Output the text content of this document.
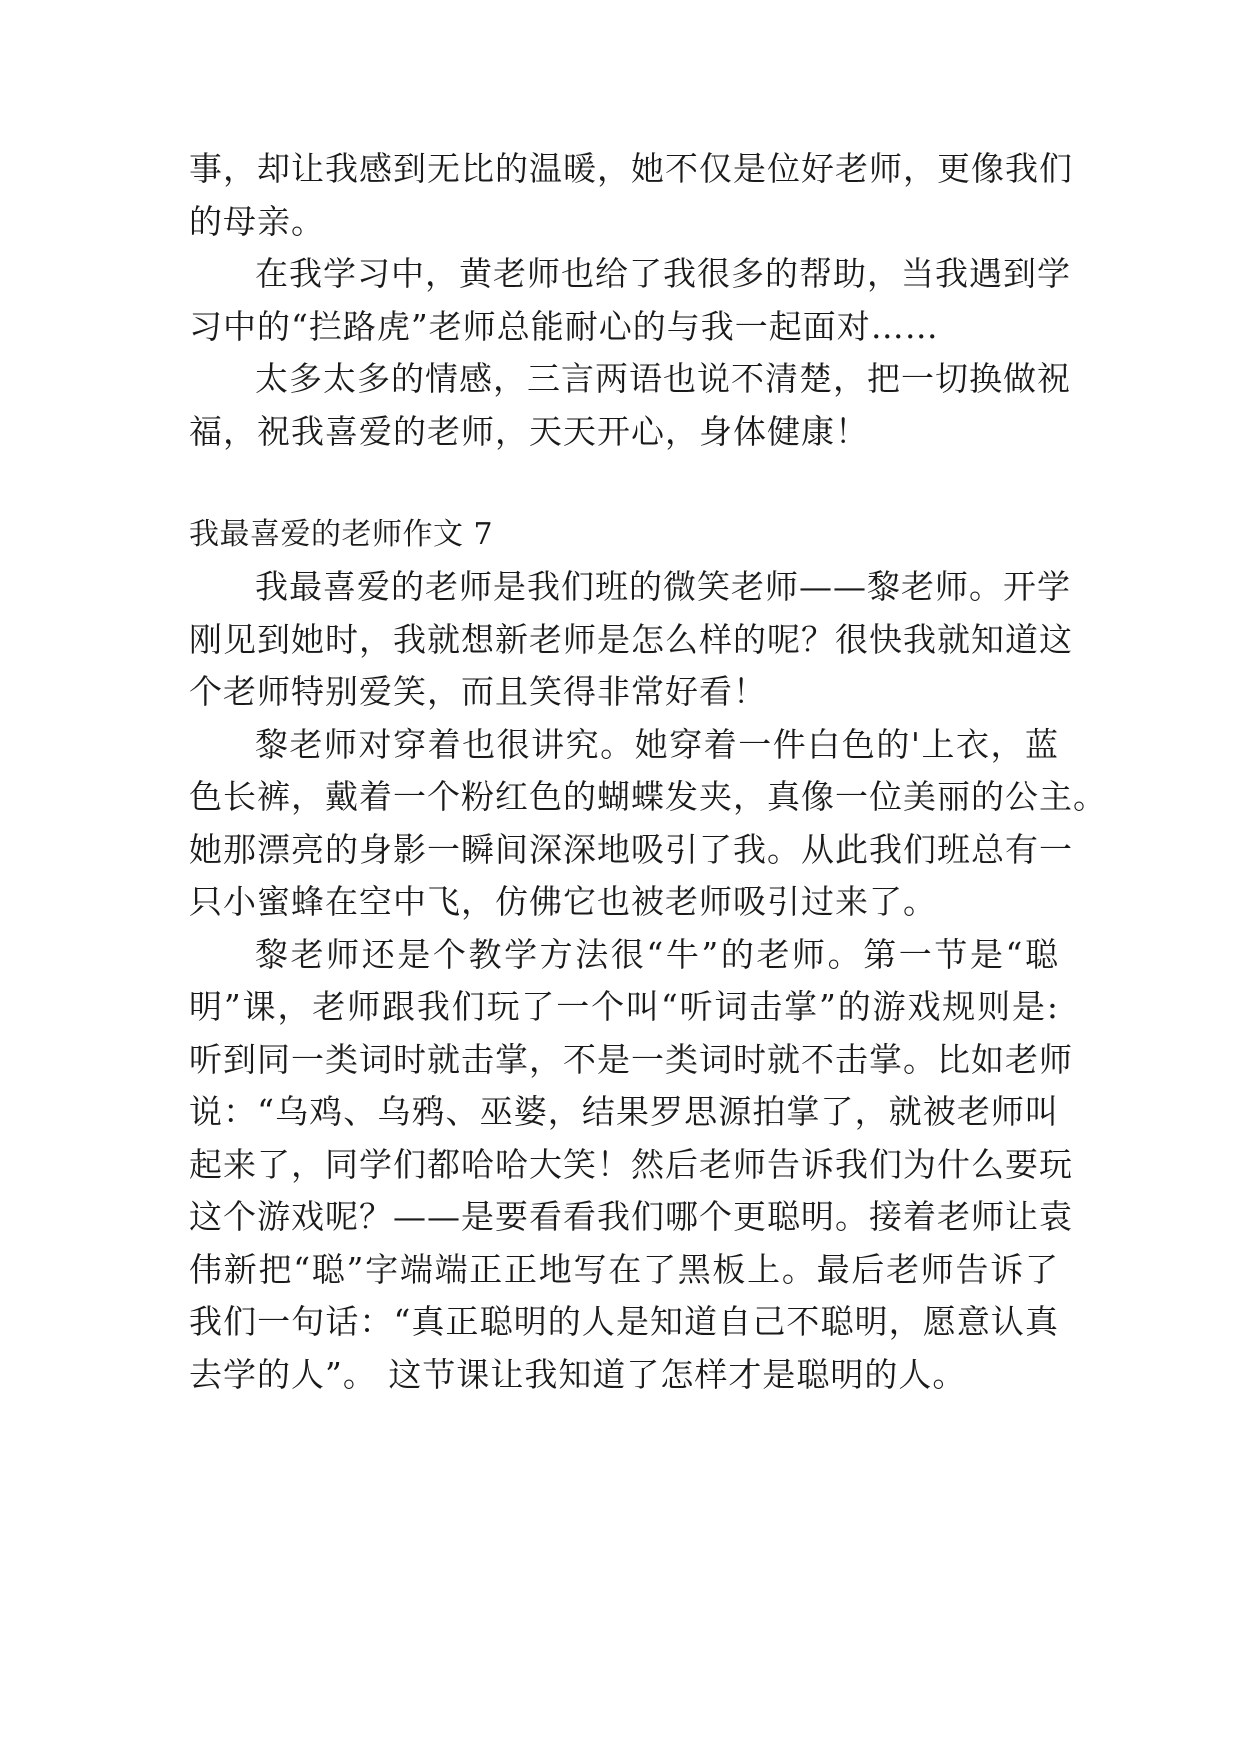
事，却让我感到无比的温暖，她不仅是位好老师，更像我们
的母亲。
在我学习中，黄老师也给了我很多的帮助，当我遇到学
习中的“拦路虎”老师总能耐心的与我一起面对……
太多太多的情感，三言两语也说不清楚，把一切换做祝
福，祝我喜爱的老师，天天开心，身体健康！
我最喜爱的老师作文 7
我最喜爱的老师是我们班的微笑老师——黎老师。开学
刚见到她时，我就想新老师是怎么样的呢？很快我就知道这
个老师特别爱笑，而且笑得非常好看！
黎老师对穿着也很讲究。她穿着一件白色的'上衣，蓝
色长裤，戴着一个粉红色的蝴蝶发夹，真像一位美丽的公主。
她那漂亮的身影一瞬间深深地吸引了我。从此我们班总有一
只小蜜蜂在空中飞，仿佛它也被老师吸引过来了。
黎老师还是个教学方法很“牛”的老师。第一节是“聪
明”课，老师跟我们玩了一个叫“听词击掌”的游戏规则是:
听到同一类词时就击掌，不是一类词时就不击掌。比如老师
说：“乌鸡、乌鸦、巫婆，结果罗思源拍掌了，就被老师叫
起来了，同学们都哈哈大笑！然后老师告诉我们为什么要玩
这个游戏呢？——是要看看我们哪个更聪明。接着老师让袁
伟新把“聪”字端端正正地写在了黑板上。最后老师告诉了
我们一句话：“真正聪明的人是知道自己不聪明，愿意认真
去学的人”。 这节课让我知道了怎样才是聪明的人。
